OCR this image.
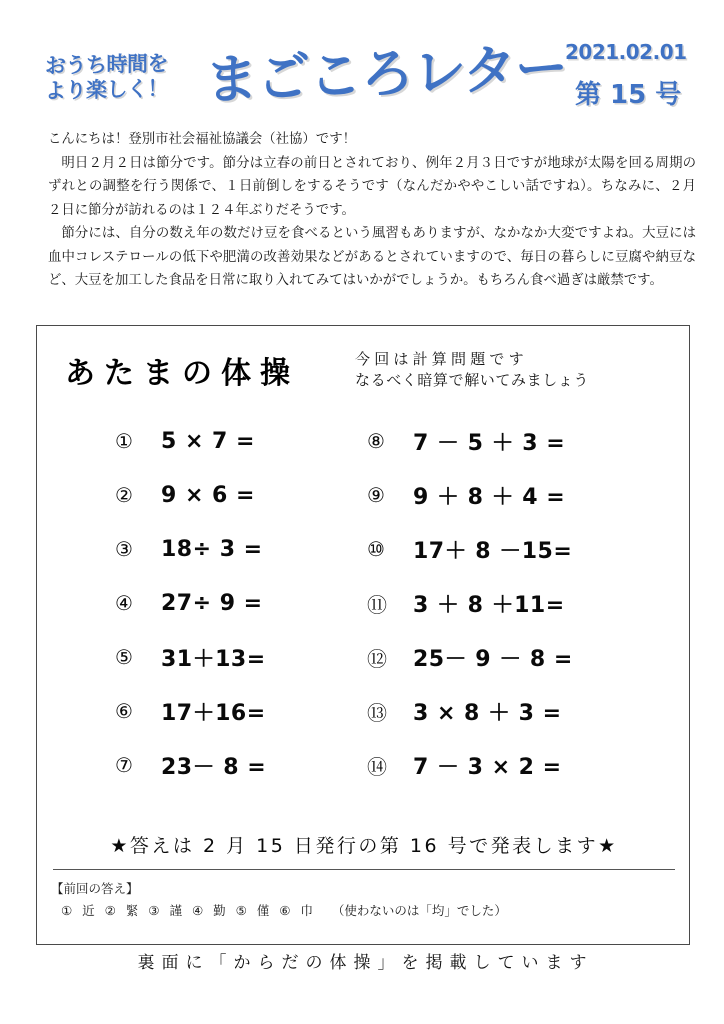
おうち時間を
より楽しく！ まごころレター
2021.02.01
第 15 号

こんにちは！登別市社会福祉協議会（社協）です！

明日２月２日は節分です。節分は立春の前日とされており、例年２月３日ですが地球が太陽を回る周期のずれとの調整を行う関係で、１日前倒しをするそうです（なんだかややこしい話ですね）。ちなみに、２月２日に節分が訪れるのは１２４年ぶりだそうです。

節分には、自分の数え年の数だけ豆を食べるという風習もありますが、なかなか大変ですよね。大豆には血中コレステロールの低下や肥満の改善効果などがあるとされていますので、毎日の暮らしに豆腐や納豆など、大豆を加工した食品を日常に取り入れてみてはいかがでしょうか。もちろん食べ過ぎは厳禁です。

あたまの体操	今回は計算問題です
なるべく暗算で解いてみましょう
①	5 × 7 =	⑧	7 － 5 ＋ 3 =
②	9 × 6 =	⑨	9 ＋ 8 ＋ 4 =
③	18÷ 3 =	⑩	17＋ 8 －15=
④	27÷ 9 =	⑪	3 ＋ 8 ＋11=
⑤	31＋13=	⑫	25－ 9 － 8 =
⑥	17＋16=	⑬	3 × 8 ＋ 3 =
⑦	23－ 8 =	⑭	7 － 3 × 2 =
★答えは 2 月 15 日発行の第 16 号で発表します★
【前回の答え】
① 近 ② 緊 ③ 謹 ④ 勤 ⑤ 僅 ⑥ 巾    （使わないのは「均」でした）
裏面に「からだの体操」を掲載しています
